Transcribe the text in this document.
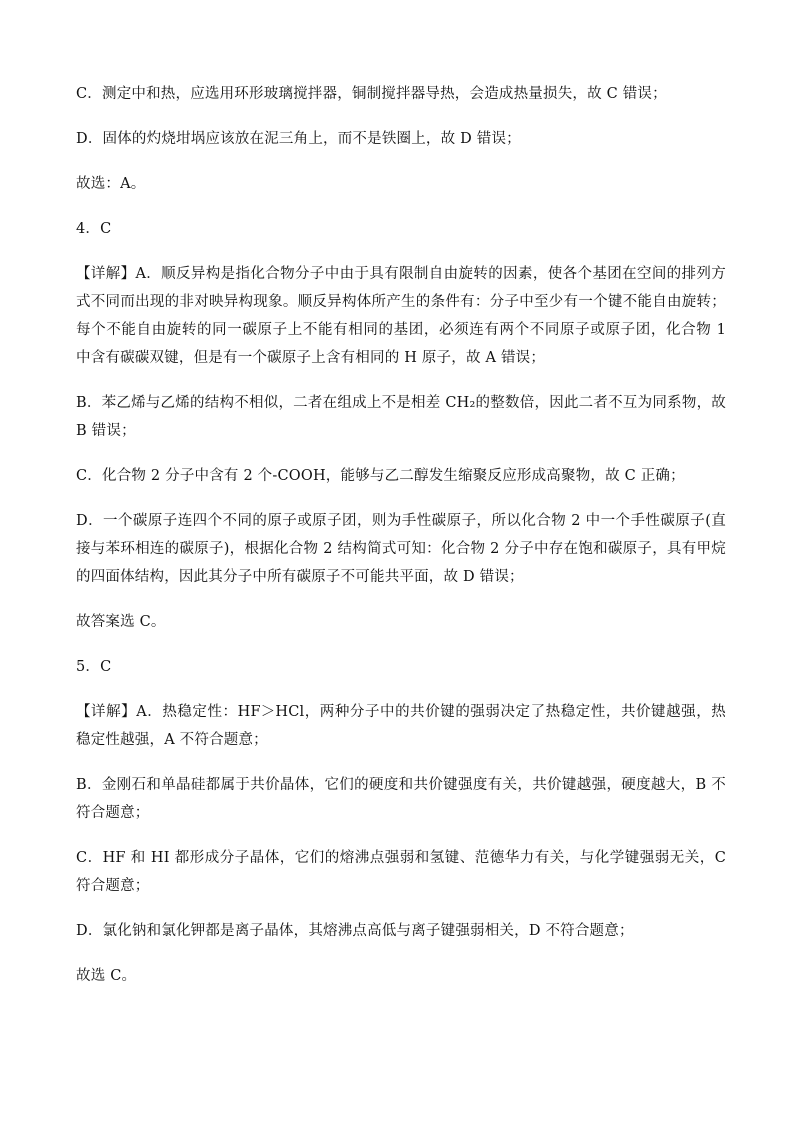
C．测定中和热，应选用环形玻璃搅拌器，铜制搅拌器导热，会造成热量损失，故 C 错误；

D．固体的灼烧坩埚应该放在泥三角上，而不是铁圈上，故 D 错误；

故选：A。

4．C

【详解】A．顺反异构是指化合物分子中由于具有限制自由旋转的因素，使各个基团在空间的排列方式不同而出现的非对映异构现象。顺反异构体所产生的条件有：分子中至少有一个键不能自由旋转；每个不能自由旋转的同一碳原子上不能有相同的基团，必须连有两个不同原子或原子团，化合物 1 中含有碳碳双键，但是有一个碳原子上含有相同的 H 原子，故 A 错误；

B．苯乙烯与乙烯的结构不相似，二者在组成上不是相差 CH₂的整数倍，因此二者不互为同系物，故 B 错误；

C．化合物 2 分子中含有 2 个-COOH，能够与乙二醇发生缩聚反应形成高聚物，故 C 正确；

D．一个碳原子连四个不同的原子或原子团，则为手性碳原子，所以化合物 2 中一个手性碳原子(直接与苯环相连的碳原子)，根据化合物 2 结构简式可知：化合物 2 分子中存在饱和碳原子，具有甲烷的四面体结构，因此其分子中所有碳原子不可能共平面，故 D 错误；

故答案选 C。

5．C

【详解】A．热稳定性：HF＞HCl，两种分子中的共价键的强弱决定了热稳定性，共价键越强，热稳定性越强，A 不符合题意；

B．金刚石和单晶硅都属于共价晶体，它们的硬度和共价键强度有关，共价键越强，硬度越大，B 不符合题意；

C．HF 和 HI 都形成分子晶体，它们的熔沸点强弱和氢键、范德华力有关，与化学键强弱无关，C 符合题意；

D．氯化钠和氯化钾都是离子晶体，其熔沸点高低与离子键强弱相关，D 不符合题意；

故选 C。
